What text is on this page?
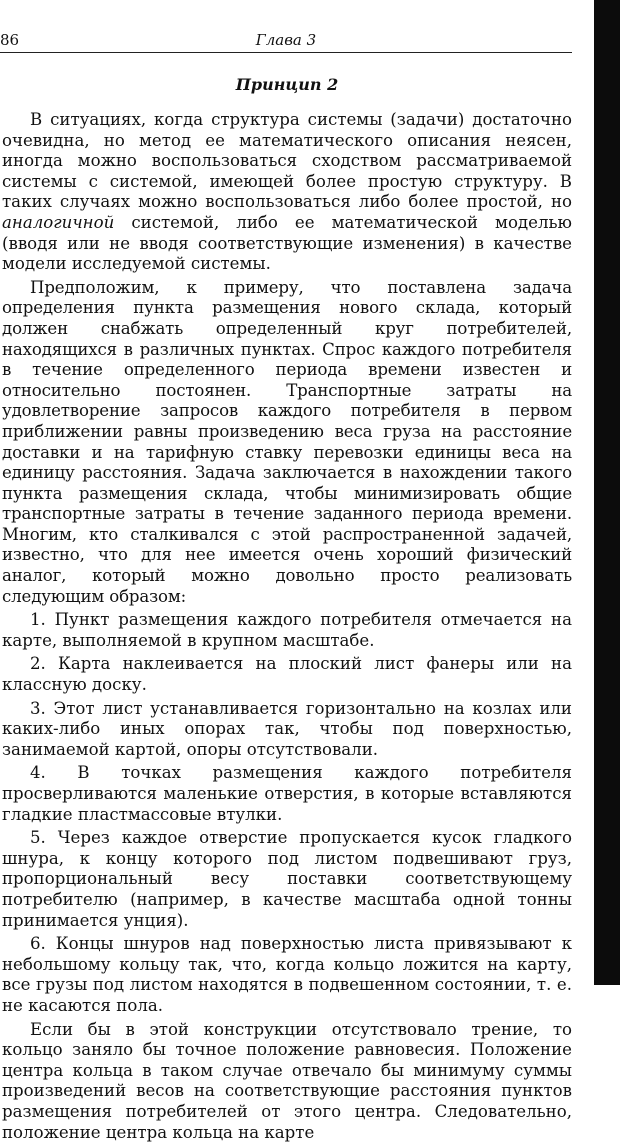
86	Глава 3
Принцип 2

В ситуациях, когда структура системы (задачи) достаточно очевидна, но метод ее математического описания неясен, иногда можно воспользоваться сходством рассматриваемой системы с системой, имеющей более простую структуру. В таких случаях можно воспользоваться либо более простой, но аналогичной системой, либо ее математической моделью (вводя или не вводя соответствующие изменения) в качестве модели исследуемой системы.

Предположим, к примеру, что поставлена задача определения пункта размещения нового склада, который должен снабжать определенный круг потребителей, находящихся в различных пунктах. Спрос каждого потребителя в течение определенного периода времени известен и относительно постоянен. Транспортные затраты на удовлетворение запросов каждого потребителя в первом приближении равны произведению веса груза на расстояние доставки и на тарифную ставку перевозки единицы веса на единицу расстояния. Задача заключается в нахождении такого пункта размещения склада, чтобы минимизировать общие транспортные затраты в течение заданного периода времени. Многим, кто сталкивался с этой распространенной задачей, известно, что для нее имеется очень хороший физический аналог, который можно довольно просто реализовать следующим образом:

1. Пункт размещения каждого потребителя отмечается на карте, выполняемой в крупном масштабе.

2. Карта наклеивается на плоский лист фанеры или на классную доску.

3. Этот лист устанавливается горизонтально на козлах или каких-либо иных опорах так, чтобы под поверхностью, занимаемой картой, опоры отсутствовали.

4. В точках размещения каждого потребителя просверливаются маленькие отверстия, в которые вставляются гладкие пластмассовые втулки.

5. Через каждое отверстие пропускается кусок гладкого шнура, к концу которого под листом подвешивают груз, пропорциональный весу поставки соответствующему потребителю (например, в качестве масштаба одной тонны принимается унция).

6. Концы шнуров над поверхностью листа привязывают к небольшому кольцу так, что, когда кольцо ложится на карту, все грузы под листом находятся в подвешенном состоянии, т. е. не касаются пола.

Если бы в этой конструкции отсутствовало трение, то кольцо заняло бы точное положение равновесия. Положение центра кольца в таком случае отвечало бы минимуму суммы произведений весов на соответствующие расстояния пунктов размещения потребителей от этого центра. Следовательно, положение центра кольца на карте
